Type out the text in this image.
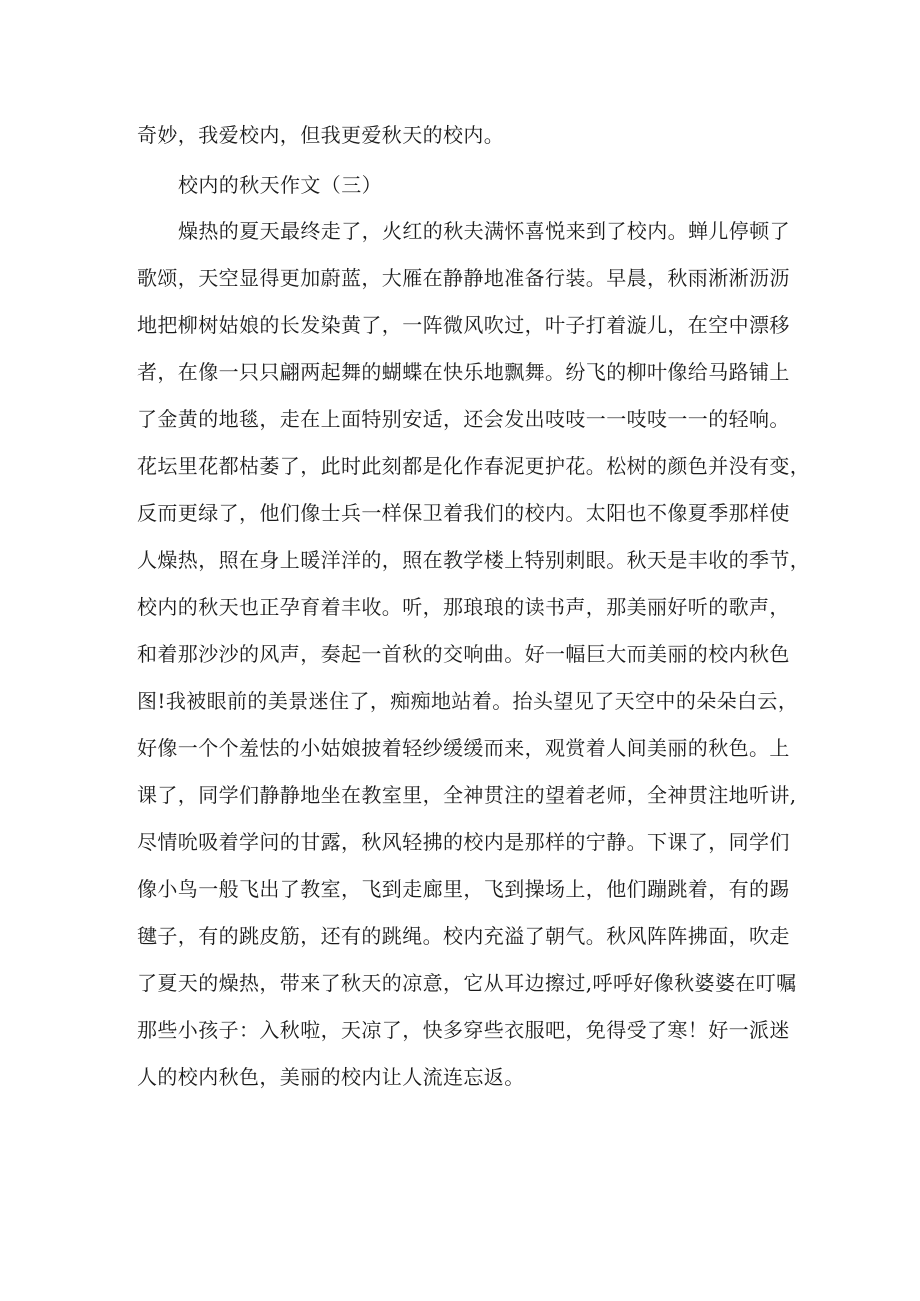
奇妙，我爱校内，但我更爱秋天的校内。
校内的秋天作文（三）
燥热的夏天最终走了，火红的秋夫满怀喜悦来到了校内。蝉儿停顿了
歌颂，天空显得更加蔚蓝，大雁在静静地准备行装。早晨，秋雨淅淅沥沥
地把柳树姑娘的长发染黄了，一阵微风吹过，叶子打着漩儿，在空中漂移
者，在像一只只翩两起舞的蝴蝶在快乐地飘舞。纷飞的柳叶像给马路铺上
了金黄的地毯，走在上面特别安适，还会发出吱吱一一吱吱一一的轻响。
花坛里花都枯萎了，此时此刻都是化作春泥更护花。松树的颜色并没有变，
反而更绿了，他们像士兵一样保卫着我们的校内。太阳也不像夏季那样使
人燥热，照在身上暖洋洋的，照在教学楼上特别刺眼。秋天是丰收的季节，
校内的秋天也正孕育着丰收。听，那琅琅的读书声，那美丽好听的歌声，
和着那沙沙的风声，奏起一首秋的交响曲。好一幅巨大而美丽的校内秋色
图!我被眼前的美景迷住了，痴痴地站着。抬头望见了天空中的朵朵白云，
好像一个个羞怯的小姑娘披着轻纱缓缓而来，观赏着人间美丽的秋色。上
课了，同学们静静地坐在教室里，全神贯注的望着老师，全神贯注地听讲,
尽情吮吸着学问的甘露，秋风轻拂的校内是那样的宁静。下课了，同学们
像小鸟一般飞出了教室，飞到走廊里，飞到操场上，他们蹦跳着，有的踢
毽子，有的跳皮筋，还有的跳绳。校内充溢了朝气。秋风阵阵拂面，吹走
了夏天的燥热，带来了秋天的凉意，它从耳边擦过,呼呼好像秋婆婆在叮嘱
那些小孩子：入秋啦，天凉了，快多穿些衣服吧，免得受了寒！好一派迷
人的校内秋色，美丽的校内让人流连忘返。
